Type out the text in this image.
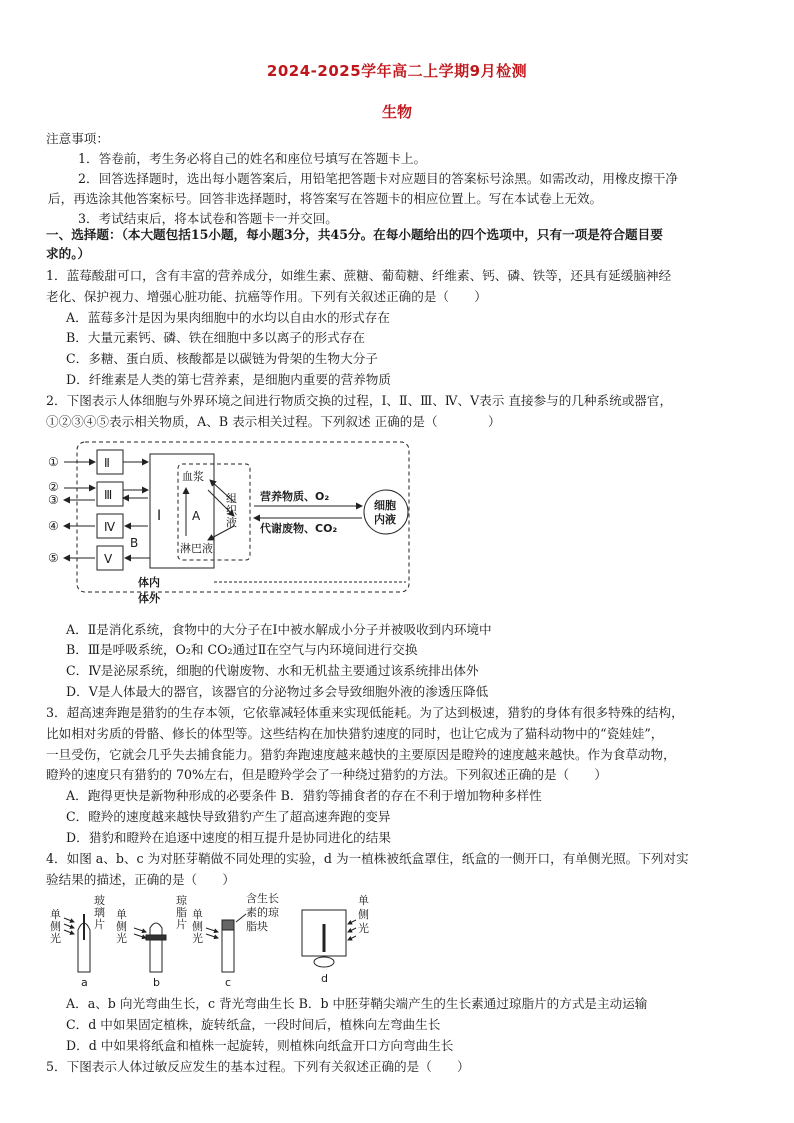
2024-2025学年高二上学期9月检测
生物
注意事项：
1．答卷前，考生务必将自己的姓名和座位号填写在答题卡上。
2．回答选择题时，选出每小题答案后，用铅笔把答题卡对应题目的答案标号涂黑。如需改动，用橡皮擦干净
后，再选涂其他答案标号。回答非选择题时，将答案写在答题卡的相应位置上。写在本试卷上无效。
3．考试结束后，将本试卷和答题卡一并交回。
一、选择题：（本大题包括15小题，每小题3分，共45分。在每小题给出的四个选项中，只有一项是符合题目要
求的。）
1．蓝莓酸甜可口，含有丰富的营养成分，如维生素、蔗糖、葡萄糖、纤维素、钙、磷、铁等，还具有延缓脑神经
老化、保护视力、增强心脏功能、抗癌等作用。下列有关叙述正确的是（　　）
A．蓝莓多汁是因为果肉细胞中的水均以自由水的形式存在
B．大量元素钙、磷、铁在细胞中多以离子的形式存在
C．多糖、蛋白质、核酸都是以碳链为骨架的生物大分子
D．纤维素是人类的第七营养素，是细胞内重要的营养物质
2．下图表示人体细胞与外界环境之间进行物质交换的过程，Ⅰ、Ⅱ、Ⅲ、Ⅳ、Ⅴ表示 直接参与的几种系统或器官，
①②③④⑤表示相关物质，A、B 表示相关过程。下列叙述 正确的是（　　　　）
①
②
③
④
⑤
Ⅱ
Ⅲ
Ⅳ
Ⅴ
Ⅰ
B
A
血浆
组
织
液
淋巴液
营养物质、O₂
代谢废物、CO₂
细胞
内液
体内
体外
A．Ⅱ是消化系统，食物中的大分子在Ⅰ中被水解成小分子并被吸收到内环境中
B．Ⅲ是呼吸系统，O₂和 CO₂通过Ⅱ在空气与内环境间进行交换
C．Ⅳ是泌尿系统，细胞的代谢废物、水和无机盐主要通过该系统排出体外
D．Ⅴ是人体最大的器官，该器官的分泌物过多会导致细胞外液的渗透压降低
3．超高速奔跑是猎豹的生存本领，它依靠减轻体重来实现低能耗。为了达到极速，猎豹的身体有很多特殊的结构，
比如相对劣质的骨骼、修长的体型等。这些结构在加快猎豹速度的同时，也让它成为了猫科动物中的“瓷娃娃”，
一旦受伤，它就会几乎失去捕食能力。猎豹奔跑速度越来越快的主要原因是瞪羚的速度越来越快。作为食草动物，
瞪羚的速度只有猎豹的 70%左右，但是瞪羚学会了一种绕过猎豹的方法。下列叙述正确的是（　　）
A．跑得更快是新物种形成的必要条件 B．猎豹等捕食者的存在不利于增加物种多样性
C．瞪羚的速度越来越快导致猎豹产生了超高速奔跑的变异
D．猎豹和瞪羚在追逐中速度的相互提升是协同进化的结果
4．如图 a、b、c 为对胚芽鞘做不同处理的实验，d 为一植株被纸盒罩住，纸盒的一侧开口，有单侧光照。下列对实
验结果的描述，正确的是（　　）
单
侧
光
玻
璃
片
单
侧
光
琼
脂
片
单
侧
光
含生长
素的琼
脂块
单
侧
光
a	b	c	d
A．a、b 向光弯曲生长，c 背光弯曲生长 B．b 中胚芽鞘尖端产生的生长素通过琼脂片的方式是主动运输
C．d 中如果固定植株，旋转纸盒，一段时间后，植株向左弯曲生长
D．d 中如果将纸盒和植株一起旋转，则植株向纸盒开口方向弯曲生长
5．下图表示人体过敏反应发生的基本过程。下列有关叙述正确的是（　　）
